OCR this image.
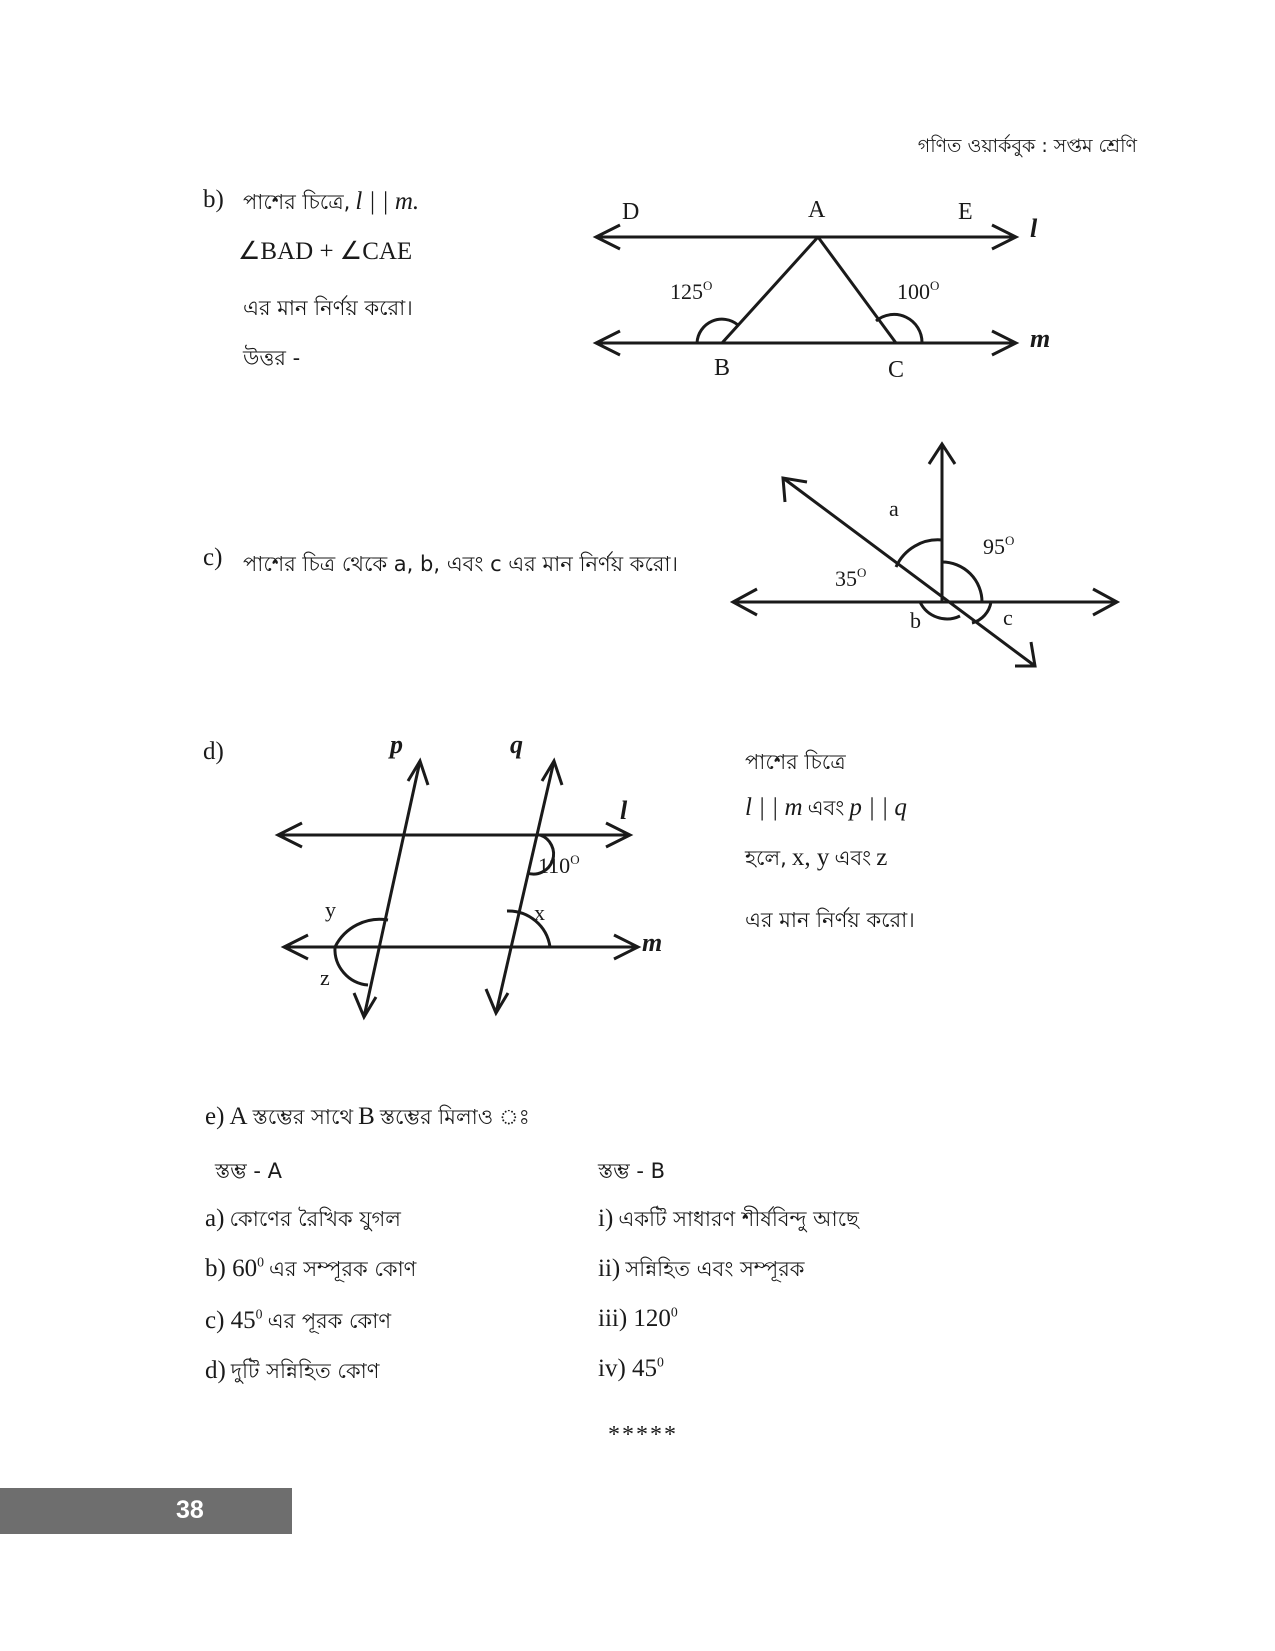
গণিত ওয়ার্কবুক : সপ্তম শ্রেণি
b) পাশের চিত্রে, l | | m.
∠BAD + ∠CAE
এর মান নির্ণয় করো।
উত্তর -
D	A	E
l
$125^O$	$100^O$
m
B	C
c) পাশের চিত্র থেকে a, b, এবং c এর মান নির্ণয় করো।
a
$35^O$
$95^O$
b	c
d)	p	q
l
$110^O$
y	x
m
z
পাশের চিত্রে
l | | m এবং p | | q
হলে, x, y এবং z
এর মান নির্ণয় করো।
e) A স্তম্ভের সাথে B স্তম্ভের মিলাও ঃ
স্তম্ভ - A	স্তম্ভ - B
a) কোণের রৈখিক যুগল	i) একটি সাধারণ শীর্ষবিন্দু আছে
b) $60^0$ এর সম্পূরক কোণ	ii) সন্নিহিত এবং সম্পূরক
c) $45^0$ এর পূরক কোণ	iii) $120^0$
d) দুটি সন্নিহিত কোণ	iv) $45^0$
*****
38
